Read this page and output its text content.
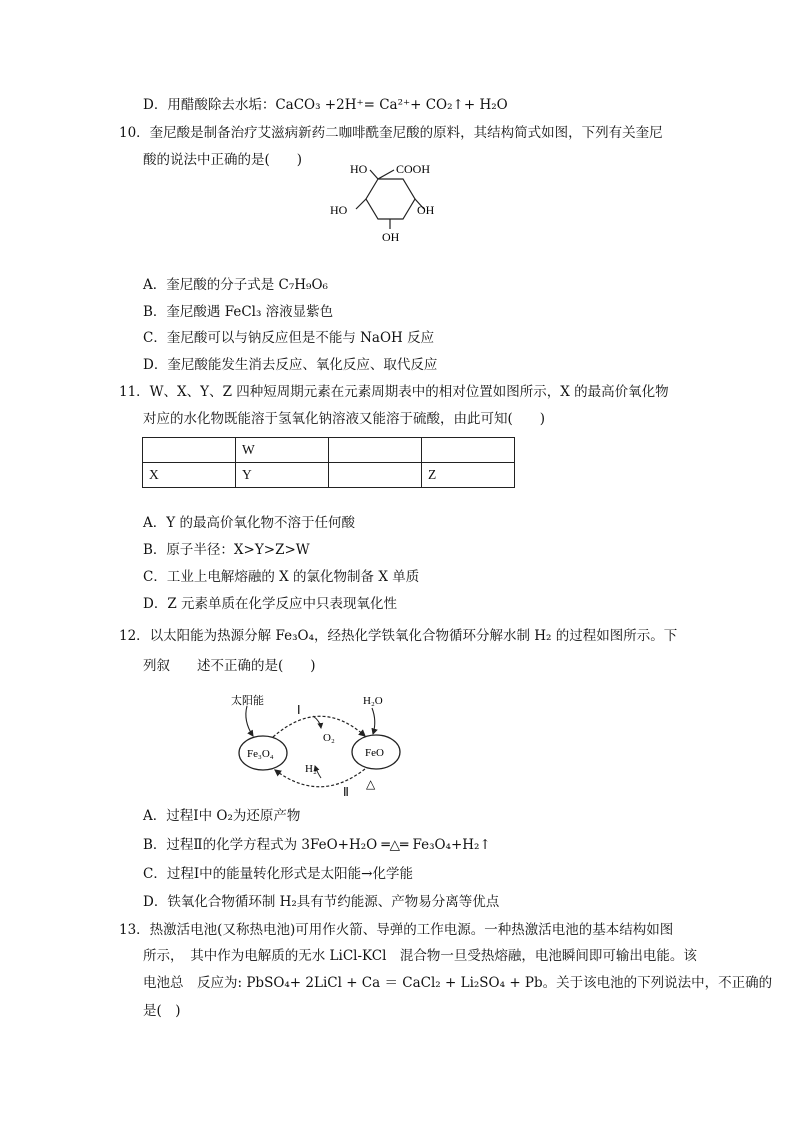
D．用醋酸除去水垢：CaCO₃ +2H⁺= Ca²⁺+ CO₂↑+ H₂O
10．奎尼酸是制备治疗艾滋病新药二咖啡酰奎尼酸的原料，其结构简式如图，下列有关奎尼
酸的说法中正确的是(　　)
HO COOH
HO	OH
OH
A．奎尼酸的分子式是 C₇H₉O₆
B．奎尼酸遇 FeCl₃ 溶液显紫色
C．奎尼酸可以与钠反应但是不能与 NaOH 反应
D．奎尼酸能发生消去反应、氧化反应、取代反应
11．W、X、Y、Z 四种短周期元素在元素周期表中的相对位置如图所示，X 的最高价氧化物
对应的水化物既能溶于氢氧化钠溶液又能溶于硫酸，由此可知(　　)
	W		
X	Y		Z
A．Y 的最高价氧化物不溶于任何酸
B．原子半径：X>Y>Z>W
C．工业上电解熔融的 X 的氯化物制备 X 单质
D．Z 元素单质在化学反应中只表现氧化性
12．以太阳能为热源分解 Fe₃O₄，经热化学铁氧化合物循环分解水制 H₂ 的过程如图所示。下
列叙　　述不正确的是(　　)
太阳能
Ⅰ
O₂
H₂O
Fe₃O₄	FeO
H₂
Ⅱ
△
A．过程Ⅰ中 O₂为还原产物
B．过程Ⅱ的化学方程式为 3FeO+H₂O ═△═ Fe₃O₄+H₂↑
C．过程Ⅰ中的能量转化形式是太阳能→化学能
D．铁氧化合物循环制 H₂具有节约能源、产物易分离等优点
13．热激活电池(又称热电池)可用作火箭、导弹的工作电源。一种热激活电池的基本结构如图
所示，　其中作为电解质的无水 LiCl-KCl　混合物一旦受热熔融，电池瞬间即可输出电能。该
电池总　反应为: PbSO₄+ 2LiCl + Ca ＝ CaCl₂ + Li₂SO₄ + Pb。关于该电池的下列说法中，不正确的
是(　)
